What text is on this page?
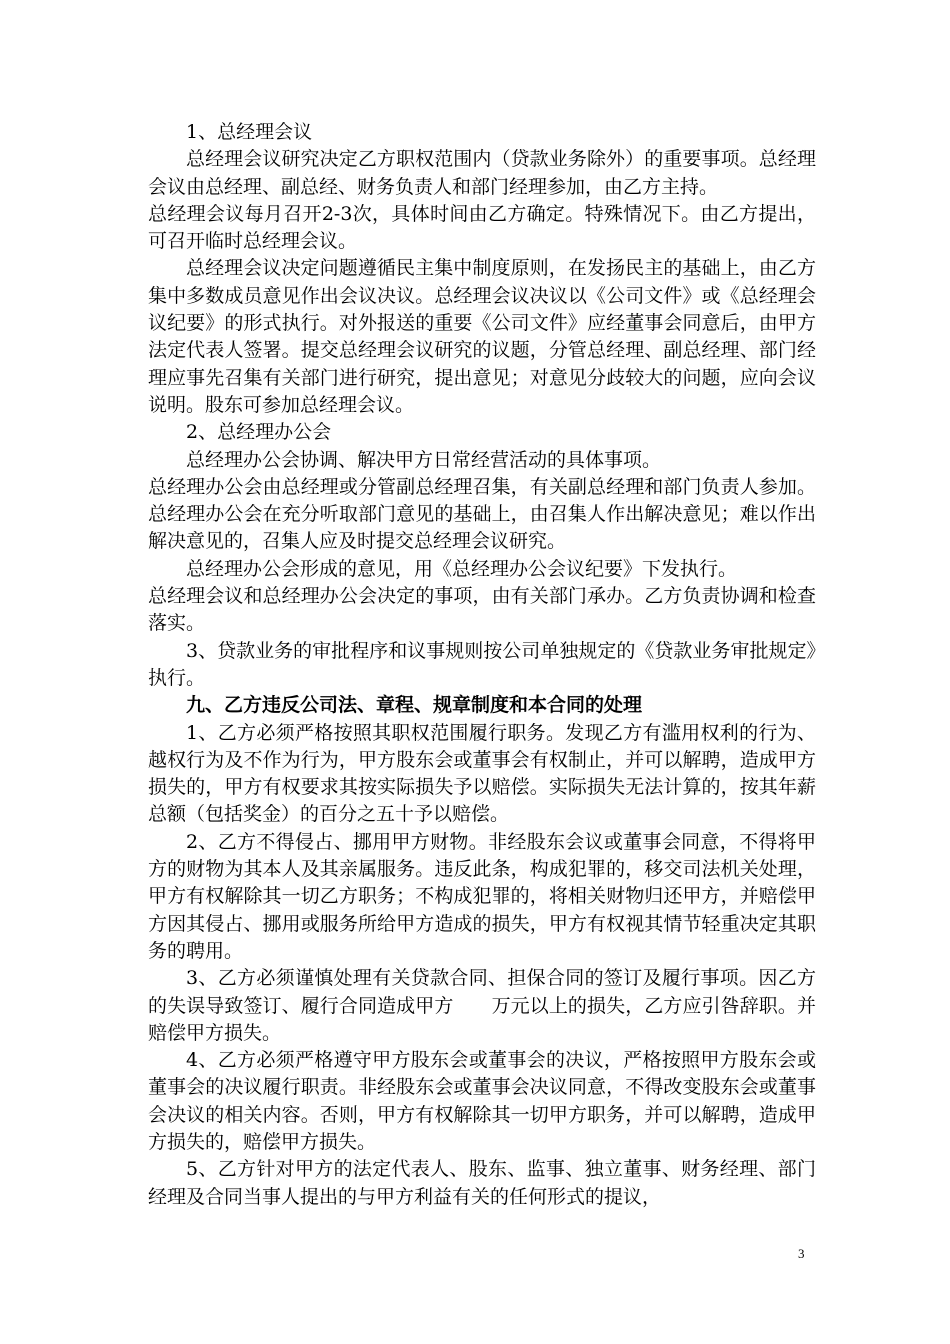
1、总经理会议

总经理会议研究决定乙方职权范围内（贷款业务除外）的重要事项。总经理会议由总经理、副总经、财务负责人和部门经理参加，由乙方主持。

总经理会议每月召开2-3次，具体时间由乙方确定。特殊情况下。由乙方提出，可召开临时总经理会议。

总经理会议决定问题遵循民主集中制度原则，在发扬民主的基础上，由乙方集中多数成员意见作出会议决议。总经理会议决议以《公司文件》或《总经理会议纪要》的形式执行。对外报送的重要《公司文件》应经董事会同意后，由甲方法定代表人签署。提交总经理会议研究的议题，分管总经理、副总经理、部门经理应事先召集有关部门进行研究，提出意见；对意见分歧较大的问题，应向会议说明。股东可参加总经理会议。

2、总经理办公会

总经理办公会协调、解决甲方日常经营活动的具体事项。

总经理办公会由总经理或分管副总经理召集，有关副总经理和部门负责人参加。总经理办公会在充分听取部门意见的基础上，由召集人作出解决意见；难以作出解决意见的，召集人应及时提交总经理会议研究。

总经理办公会形成的意见，用《总经理办公会议纪要》下发执行。

总经理会议和总经理办公会决定的事项，由有关部门承办。乙方负责协调和检查落实。

3、贷款业务的审批程序和议事规则按公司单独规定的《贷款业务审批规定》执行。

九、乙方违反公司法、章程、规章制度和本合同的处理

1、乙方必须严格按照其职权范围履行职务。发现乙方有滥用权利的行为、越权行为及不作为行为，甲方股东会或董事会有权制止，并可以解聘，造成甲方损失的，甲方有权要求其按实际损失予以赔偿。实际损失无法计算的，按其年薪总额（包括奖金）的百分之五十予以赔偿。

2、乙方不得侵占、挪用甲方财物。非经股东会议或董事会同意，不得将甲方的财物为其本人及其亲属服务。违反此条，构成犯罪的，移交司法机关处理，甲方有权解除其一切乙方职务；不构成犯罪的，将相关财物归还甲方，并赔偿甲方因其侵占、挪用或服务所给甲方造成的损失，甲方有权视其情节轻重决定其职务的聘用。

3、乙方必须谨慎处理有关贷款合同、担保合同的签订及履行事项。因乙方的失误导致签订、履行合同造成甲方　　万元以上的损失，乙方应引咎辞职。并赔偿甲方损失。

4、乙方必须严格遵守甲方股东会或董事会的决议，严格按照甲方股东会或董事会的决议履行职责。非经股东会或董事会决议同意，不得改变股东会或董事会决议的相关内容。否则，甲方有权解除其一切甲方职务，并可以解聘，造成甲方损失的，赔偿甲方损失。

5、乙方针对甲方的法定代表人、股东、监事、独立董事、财务经理、部门经理及合同当事人提出的与甲方利益有关的任何形式的提议，

3
